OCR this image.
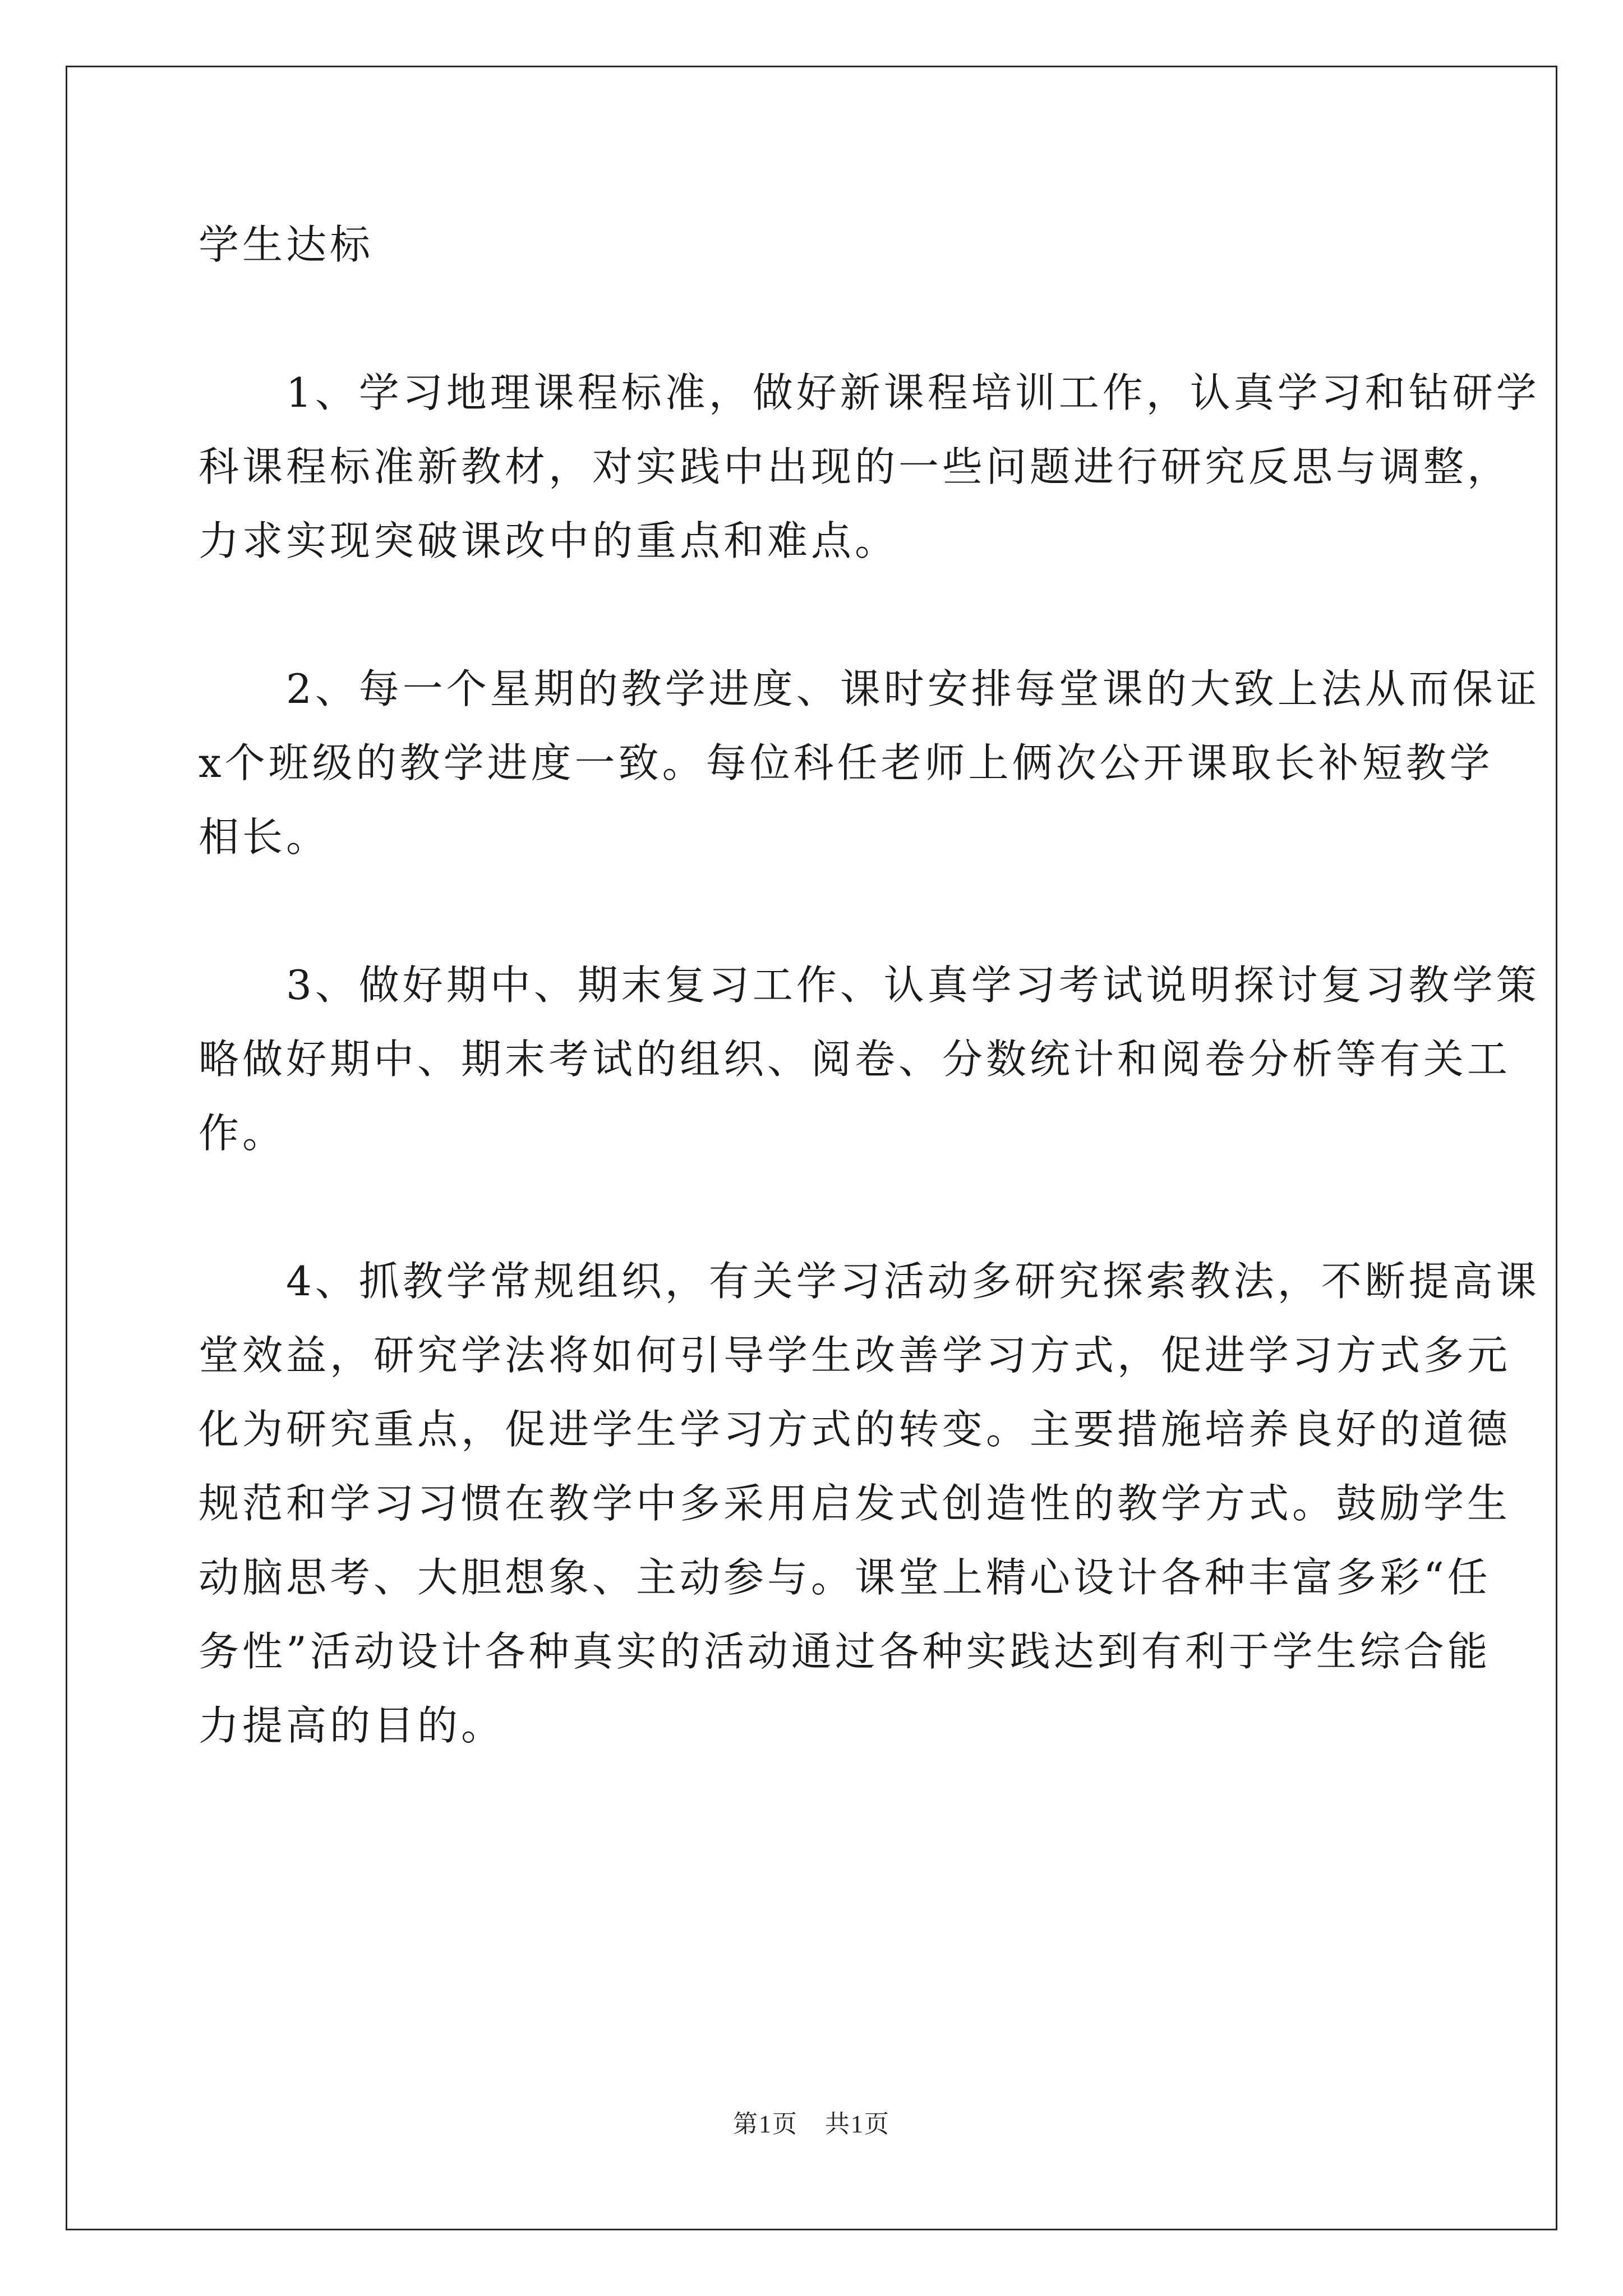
学生达标
　　1、学习地理课程标准，做好新课程培训工作，认真学习和钻研学
科课程标准新教材，对实践中出现的一些问题进行研究反思与调整，
力求实现突破课改中的重点和难点。
　　2、每一个星期的教学进度、课时安排每堂课的大致上法从而保证
x个班级的教学进度一致。每位科任老师上俩次公开课取长补短教学
相长。
　　3、做好期中、期末复习工作、认真学习考试说明探讨复习教学策
略做好期中、期末考试的组织、阅卷、分数统计和阅卷分析等有关工
作。
　　4、抓教学常规组织，有关学习活动多研究探索教法，不断提高课
堂效益，研究学法将如何引导学生改善学习方式，促进学习方式多元
化为研究重点，促进学生学习方式的转变。主要措施培养良好的道德
规范和学习习惯在教学中多采用启发式创造性的教学方式。鼓励学生
动脑思考、大胆想象、主动参与。课堂上精心设计各种丰富多彩“任
务性”活动设计各种真实的活动通过各种实践达到有利于学生综合能
力提高的目的。
第1页 共1页
